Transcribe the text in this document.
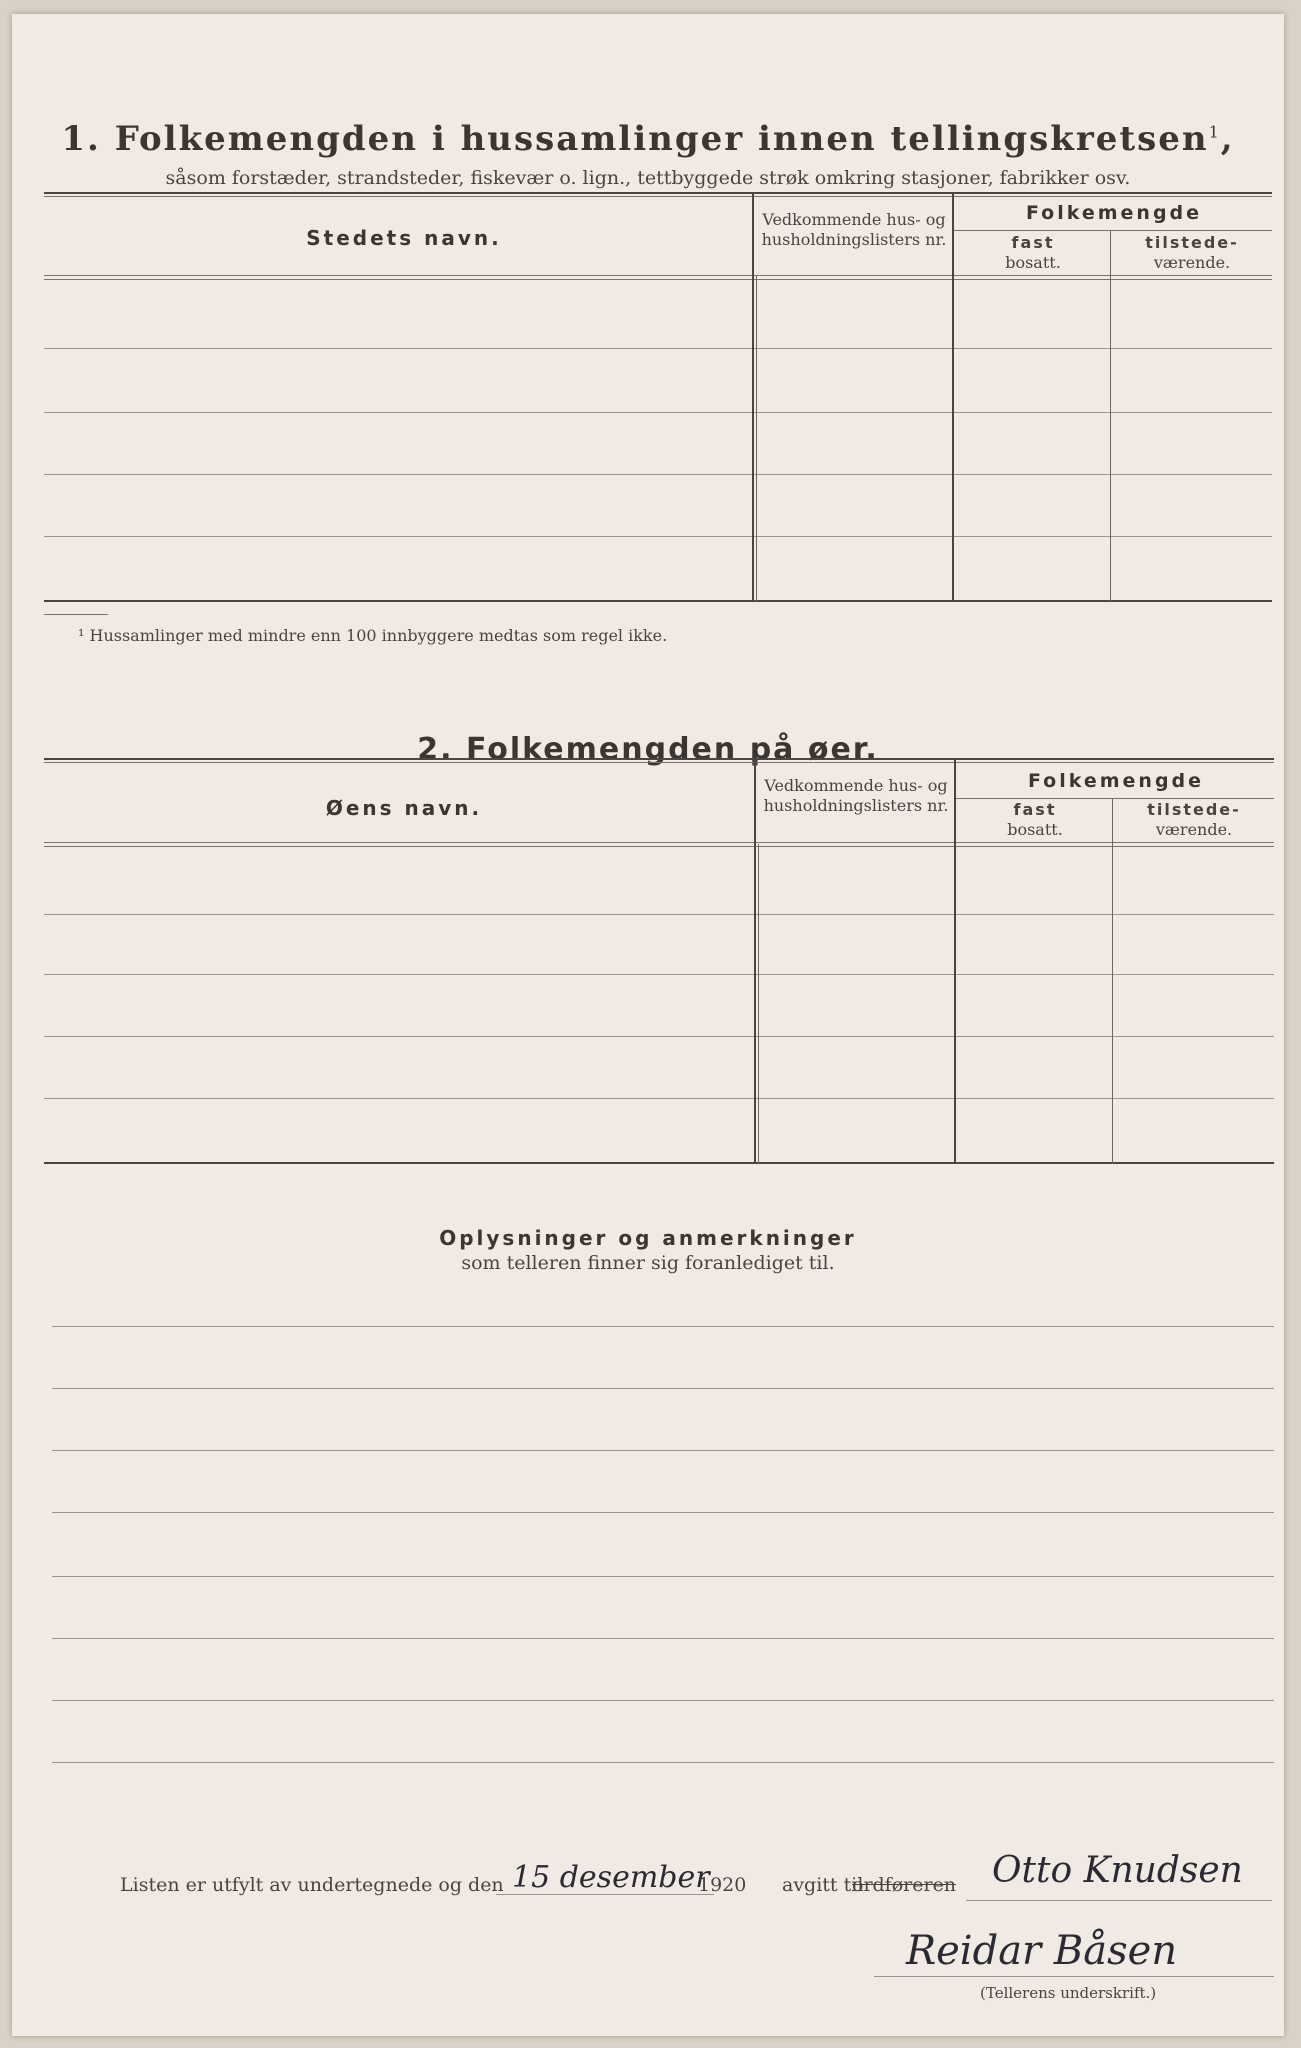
1. Folkemengden i hussamlinger innen tellingskretsen$^1$,
såsom forstæder, strandsteder, fiskevær o. lign., tettbyggede strøk omkring stasjoner, fabrikker osv.
Stedets navn.
Vedkommende hus- og husholdningslisters nr.
Folkemengde
fast
bosatt.
tilstede-
værende.
¹ Hussamlinger med mindre enn 100 innbyggere medtas som regel ikke.
2. Folkemengden på øer.
Øens navn.
Vedkommende hus- og husholdningslisters nr.
Folkemengde
fast
bosatt.
tilstede-
værende.
Oplysninger og anmerkninger
som telleren finner sig foranlediget til.
Listen er utfylt av undertegnede og den 15 desember
1920 avgitt til
ordføreren Otto Knudsen
Reidar Båsen
(Tellerens underskrift.)
